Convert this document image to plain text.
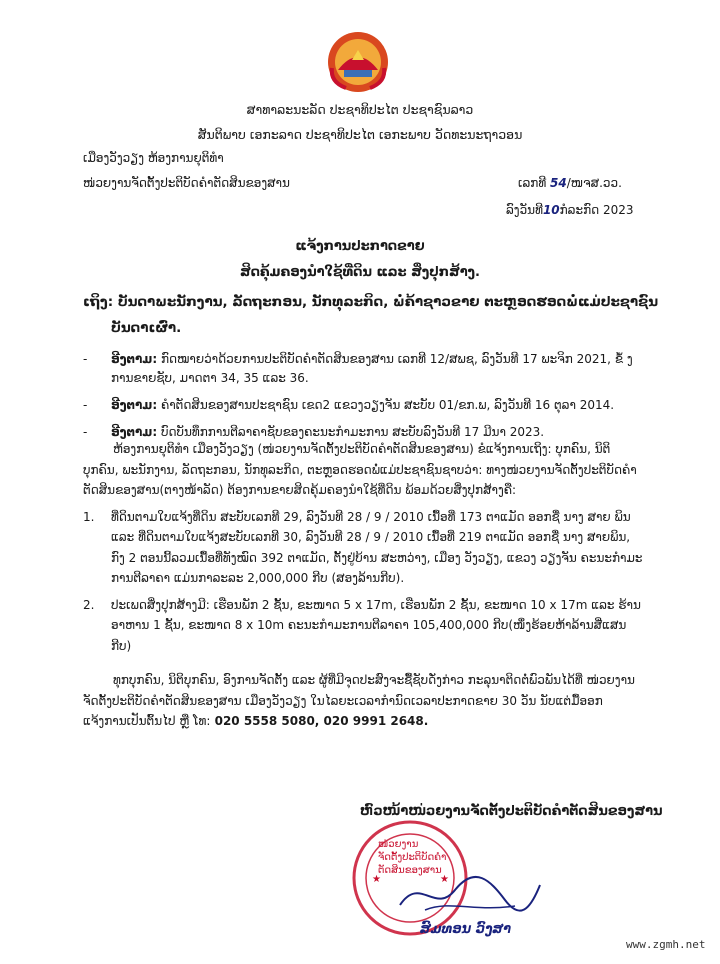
ສາທາລະນະລັດ ປະຊາທິປະໄຕ ປະຊາຊົນລາວ
ສັນຕິພາບ ເອກະລາດ ປະຊາທິປະໄຕ ເອກະພາບ ວັດທະນະຖາວອນ
ເມືອງວັງວຽງ ຫ້ອງການຍຸຕິທໍາ
ໜ່ວຍງານຈັດຕັ້ງປະຕິບັດຄໍາຕັດສິນຂອງສານ	ເລກທີ 54/ໜຈສ.ວວ.
ລົງວັນທີ10ກໍລະກົດ 2023
ແຈ້ງການປະກາດຂາຍ
ສິດຄຸ້ມຄອງນໍາໃຊ້ທີ່ດິນ ແລະ ສິ່ງປຸກສ້າງ.
ເຖິງ: ບັນດາພະນັກງານ, ລັດຖະກອນ, ນັກທຸລະກິດ, ພໍ່ຄ້າຊາວຂາຍ ຕະຫຼອດຮອດພໍ່ແມ່ປະຊາຊົນ
ບັນດາເຜົ່າ.
-	ອີງຕາມ: ກົດໝາຍວ່າດ້ວຍການປະຕິບັດຄໍາຕັດສິນຂອງສານ ເລກທີ 12/ສພຊ, ລົງວັນທີ 17 ພະຈິກ 2021, ຂໍ້ ງ ການຂາຍຊັບ, ມາດຕາ 34, 35 ແລະ 36.
-	ອີງຕາມ: ຄໍາຕັດສິນຂອງສານປະຊາຊົນ ເຂດ2 ແຂວງວຽງຈັນ ສະບັບ 01/ຂກ.ພ, ລົງວັນທີ 16 ຕຸລາ 2014.
-	ອີງຕາມ: ບົດບັນທຶກການຕີລາຄາຊັບຂອງຄະນະກໍາມະການ ສະບັບລົງວັນທີ 17 ມີນາ 2023.
ຫ້ອງການຍຸຕິທໍາ ເມືອງວັງວຽງ (ໜ່ວຍງານຈັດຕັ້ງປະຕິບັດຄໍາຕັດສິນຂອງສານ) ຂໍແຈ້ງການເຖິງ: ບຸກຄົນ, ນິຕິບຸກຄົນ, ພະນັກງານ, ລັດຖະກອນ, ນັກທຸລະກິດ, ຕະຫຼອດຮອດພໍ່ແມ່ປະຊາຊົນຊາບວ່າ: ທາງໜ່ວຍງານຈັດຕັ້ງປະຕິບັດຄໍາຕັດສິນຂອງສານ(ຕາງໜ້າລັດ) ຕ້ອງການຂາຍສິດຄຸ້ມຄອງນໍາໃຊ້ທີ່ດິນ ພ້ອມດ້ວຍສິ່ງປຸກສ້າງຄື:
1.	ທີ່ດິນຕາມໃບແຈ້ງທີ່ດິນ ສະບັບເລກທີ 29, ລົງວັນທີ 28 / 9 / 2010 ເນື້ອທີ່ 173 ຕາແມັດ ອອກຊື່ ນາງ ສາຍ ພິນ ແລະ ທີ່ດິນຕາມໃບແຈ້ງສະບັບເລກທີ 30, ລົງວັນທີ 28 / 9 / 2010 ເນື້ອທີ່ 219 ຕາແມັດ ອອກຊື່ ນາງ ສາຍພິນ, ກົງ 2 ຕອນນີ້ລວມເນື້ອທີ່ທັງໝົດ 392 ຕາແມັດ, ຕັ້ງຢູ່ບ້ານ ສະຫວ່າງ, ເມືອງ ວັງວຽງ, ແຂວງ ວຽງຈັນ ຄະນະກໍາມະການຕີລາຄາ ແມ່ນກາລະລະ 2,000,000 ກີບ (ສອງລ້ານກີບ).
2.	ປະເພດສິ່ງປຸກສ້າງມີ: ເຮືອນພັກ 2 ຊັ້ນ, ຂະໜາດ 5 x 17m, ເຮືອນພັກ 2 ຊັ້ນ, ຂະໜາດ 10 x 17m ແລະ ຮ້ານອາຫານ 1 ຊັ້ນ, ຂະໜາດ 8 x 10m ຄະນະກໍາມະການຕີລາຄາ 105,400,000 ກີບ(ໜຶ່ງຮ້ອຍຫ້າລ້ານສີ່ແສນກີບ)
ທຸກບຸກຄົນ, ນິຕິບຸກຄົນ, ອົງການຈັດຕັ້ງ ແລະ ຜູ້ທີ່ມີຈຸດປະສົງຈະຊື້ຊັບດັ່ງກ່າວ ກະລຸນາຕິດຕໍ່ພົວພັນໄດ້ທີ່ ໜ່ວຍງານຈັດຕັ້ງປະຕິບັດຄໍາຕັດສິນຂອງສານ ເມືອງວັງວຽງ ໃນໄລຍະເວລາກໍານົດເວລາປະກາດຂາຍ 30 ວັນ ນັບແຕ່ມື້ອອກແຈ້ງການເປັນຕົ້ນໄປ ຫຼື ໂທ: 020 5558 5080, 020 9991 2648.
ຫົວໜ້າໜ່ວຍງານຈັດຕັ້ງປະຕິບັດຄໍາຕັດສິນຂອງສານ
★	★
ໜ່ວຍງານ
ຈັດຕັ້ງປະຕິບັດຄໍາ
ຕັດສິນຂອງສານ
ສົມທອນ ວົງສາ
www.zgmh.net
